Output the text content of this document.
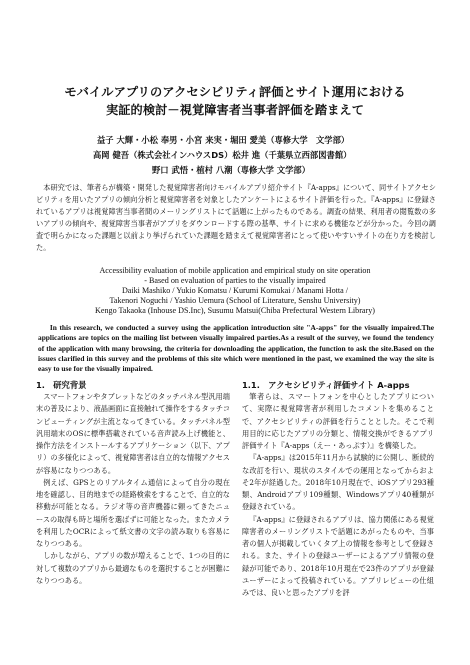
モバイルアプリのアクセシビリティ評価とサイト運用における
実証的検討－視覚障害者当事者評価を踏まえて
益子 大輝・小松 奉男・小宮 来実・堀田 愛美（専修大学　文学部）
高岡 健吾（株式会社インハウスDS）松井 進（千葉県立西部図書館）
野口 武悟・植村 八潮（専修大学 文学部）
本研究では、筆者らが構築・開発した視覚障害者向けモバイルアプリ紹介サイト『A-apps』について、同サイトアクセシビリティを用いたアプリの傾向分析と視覚障害者を対象としたアンケートによるサイト評価を行った。『A-apps』に登録されているアプリは視覚障害当事者間のメーリングリストにて話題に上がったものである。調査の結果、利用者の閲覧数の多いアプリの傾向や、視覚障害当事者がアプリをダウンロードする際の基準、サイトに求める機能などが分かった。今回の調査で明らかになった課題と以前より挙げられていた課題を踏まえて視覚障害者にとって使いやすいサイトの在り方を検討した。
Accessibility evaluation of mobile application and empirical study on site operation
- Based on evaluation of parties to the visually impaired
Daiki Mashiko / Yukio Komatsu / Kurumi Komukai / Manami Hotta /
Takenori Noguchi / Yashio Uemura (School of Literature, Senshu University)
Kengo Takaoka (Inhouse DS.Inc), Susumu Matsui(Chiba Prefectural Western Library)
In this research, we conducted a survey using the application introduction site "A-apps" for the visually impaired.The applications are topics on the mailing list between visually impaired parties.As a result of the survey, we found the tendency of the application with many browsing, the criteria for downloading the application, the function to ask the site.Based on the issues clarified in this survey and the problems of this site which were mentioned in the past, we examined the way the site is easy to use for the visually impaired.
1.　研究背景

スマートフォンやタブレットなどのタッチパネル型汎用端末の普及により、液晶画面に直接触れて操作をするタッチコンピューティングが主流となってきている。タッチパネル型汎用端末のOSに標準搭載されている音声読み上げ機能と、操作方法をインストールするアプリケーション（以下、アプリ）の多様化によって、視覚障害者は自立的な情報アクセスが容易になりつつある。

例えば、GPSとのリアルタイム通信によって自分の現在地を確認し、目的地までの経路検索をすることで、自立的な移動が可能となる。ラジオ等の音声機器に頼ってきたニュースの取得も時と場所を選ばずに可能となった。またカメラを利用したOCRによって紙文書の文字の読み取りも容易になりつつある。

しかしながら、アプリの数が増えることで、1つの目的に対して複数のアプリから最適なものを選択することが困難になりつつある。

1.1.　アクセシビリティ評価サイト A-apps

筆者らは、スマートフォンを中心としたアプリについて、実際に視覚障害者が利用したコメントを集めることで、アクセシビリティの評価を行うこととした。そこで利用目的に応じたアプリの分類と、情報交換ができるアプリ評価サイト『A-apps（えー・あっぷす）』を構築した。

『A-apps』は2015年11月から試験的に公開し、断続的な改訂を行い、現状のスタイルでの運用となってからおよそ2年が経過した。2018年10月現在で、iOSアプリ293種類、Androidアプリ109種類、Windowsアプリ40種類が登録されている。

『A-apps』に登録されるアプリは、協力関係にある視覚障害者のメーリングリストで話題にあがったものや、当事者の個人が掲載していくタブ上の情報を参考として登録される。また、サイトの登録ユーザーによるアプリ情報の登録が可能であり、2018年10月現在で23件のアプリが登録ユーザーによって投稿されている。アプリレビューの仕組みでは、良いと思ったアプリを評
